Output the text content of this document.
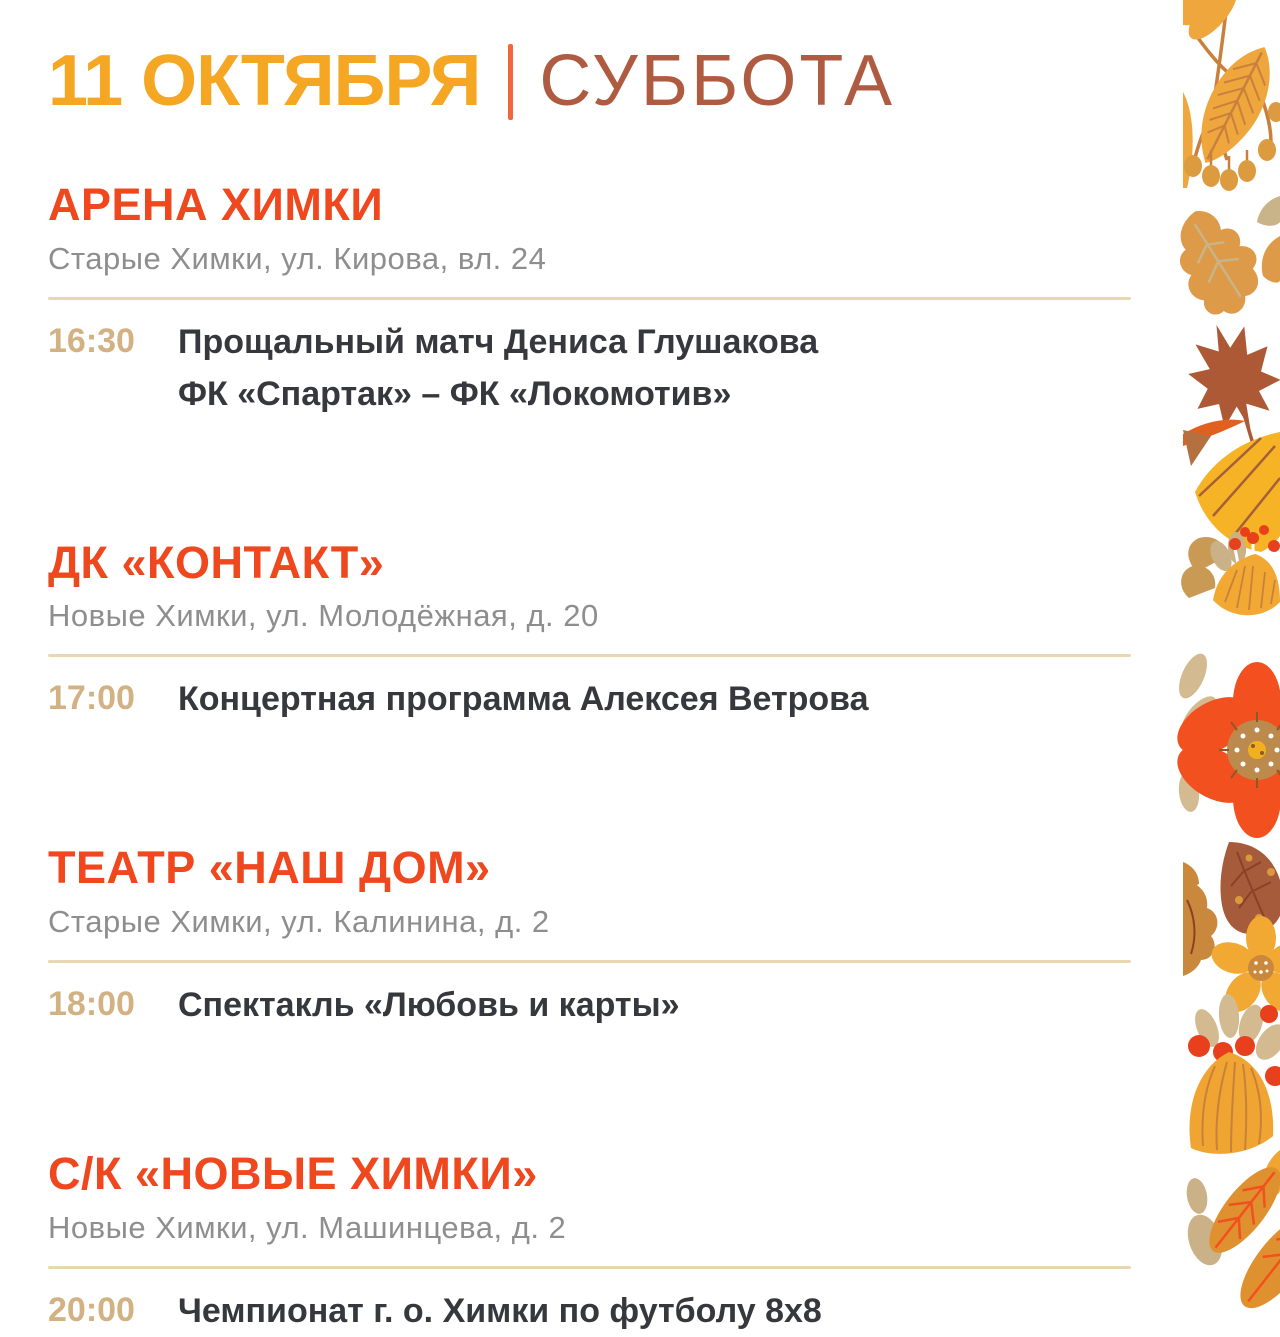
11 ОКТЯБРЯ СУББОТА
АРЕНА ХИМКИ
Старые Химки, ул. Кирова, вл. 24
16:30	Прощальный матч Дениса Глушакова
ФК «Спартак» – ФК «Локомотив»
ДК «КОНТАКТ»
Новые Химки, ул. Молодёжная, д. 20
17:00	Концертная программа Алексея Ветрова
ТЕАТР «НАШ ДОМ»
Старые Химки, ул. Калинина, д. 2
18:00	Спектакль «Любовь и карты»
С/К «НОВЫЕ ХИМКИ»
Новые Химки, ул. Машинцева, д. 2
20:00	Чемпионат г. о. Химки по футболу 8х8
